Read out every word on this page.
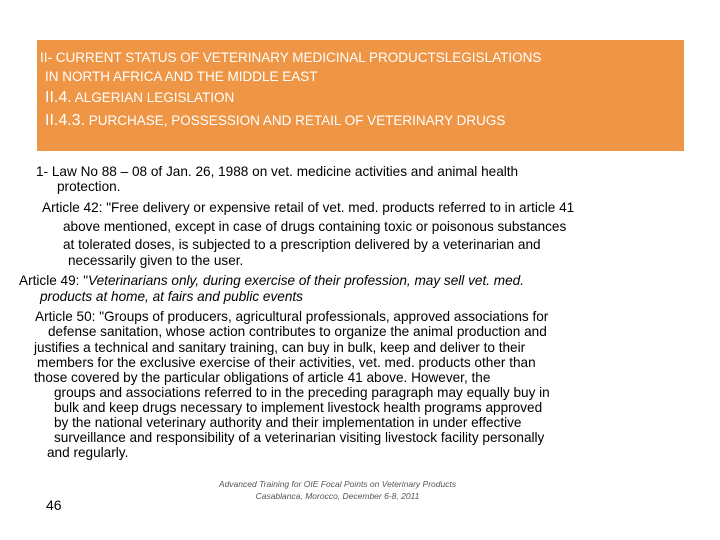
II- CURRENT STATUS OF VETERINARY MEDICINAL PRODUCTSLEGISLATIONS
IN NORTH AFRICA AND THE MIDDLE EAST
II.4. ALGERIAN LEGISLATION
II.4.3. PURCHASE, POSSESSION AND RETAIL OF VETERINARY DRUGS
1- Law No 88 – 08 of Jan. 26, 1988 on vet. medicine activities and animal health
protection.
Article 42: "Free delivery or expensive retail of vet. med. products referred to in article 41
above mentioned, except in case of drugs containing toxic or poisonous substances
at tolerated doses, is subjected to a prescription delivered by a veterinarian and
necessarily given to the user.
Article 49: "Veterinarians only, during exercise of their profession, may sell vet. med.
products at home, at fairs and public events
Article 50: "Groups of producers, agricultural professionals, approved associations for
defense sanitation, whose action contributes to organize the animal production and
justifies a technical and sanitary training, can buy in bulk, keep and deliver to their
members for the exclusive exercise of their activities, vet. med. products other than
those covered by the particular obligations of article 41 above. However, the
groups and associations referred to in the preceding paragraph may equally buy in
bulk and keep drugs necessary to implement livestock health programs approved
by the national veterinary authority and their implementation in under effective
surveillance and responsibility of a veterinarian visiting livestock facility personally
and regularly.
46
Advanced Training for OIE Focal Points on Veterinary Products
Casablanca, Morocco, December 6-8, 2011
